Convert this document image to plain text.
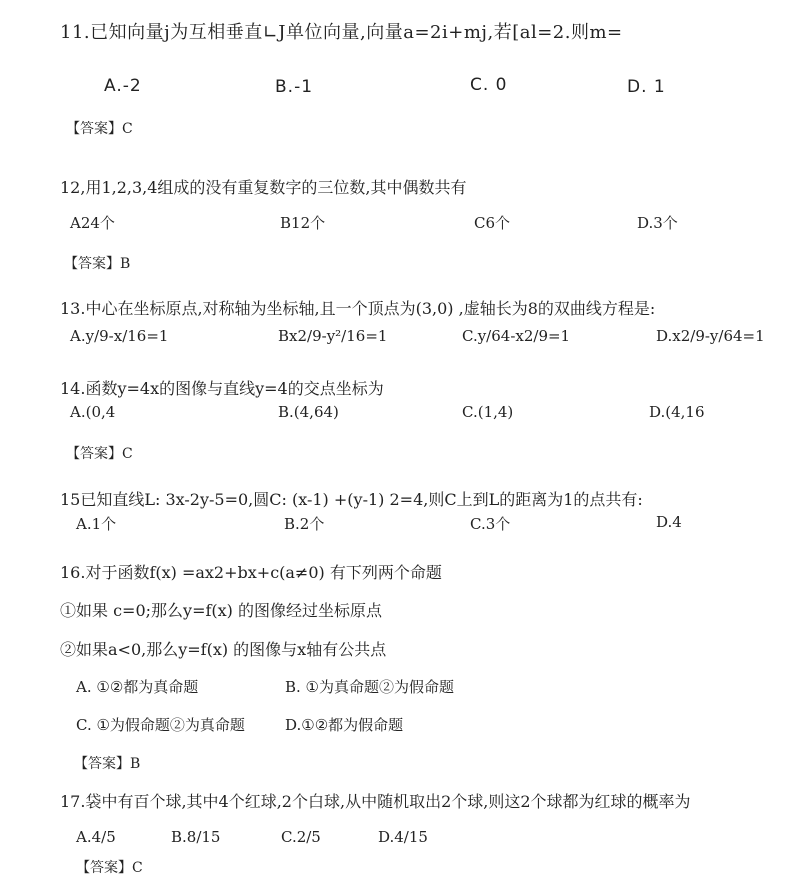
11.已知向量j为互相垂直∟J单位向量,向量a=2i+mj,若[al=2.则m=
A.-2	B.-1	C. 0	D. 1
【答案】C
12,用1,2,3,4组成的没有重复数字的三位数,其中偶数共有
A24个	B12个	C6个	D.3个
【答案】B
13.中心在坐标原点,对称轴为坐标轴,且一个顶点为(3,0) ,虚轴长为8的双曲线方程是:
A.y/9-x/16=1	Bx2/9-y²/16=1	C.y/64-x2/9=1	D.x2/9-y/64=1
14.函数y=4x的图像与直线y=4的交点坐标为
A.(0,4	B.(4,64)	C.(1,4)	D.(4,16
【答案】C
15已知直线L: 3x-2y-5=0,圆C: (x-1) +(y-1) 2=4,则C上到L的距离为1的点共有:
A.1个	B.2个	C.3个	D.4
16.对于函数f(x) =ax2+bx+c(a≠0) 有下列两个命题
①如果 c=0;那么y=f(x) 的图像经过坐标原点
②如果a<0,那么y=f(x) 的图像与x轴有公共点
A. ①②都为真命题	B. ①为真命题②为假命题
C. ①为假命题②为真命题	D.①②都为假命题
【答案】B
17.袋中有百个球,其中4个红球,2个白球,从中随机取出2个球,则这2个球都为红球的概率为
A.4/5	B.8/15	C.2/5	D.4/15
【答案】C
